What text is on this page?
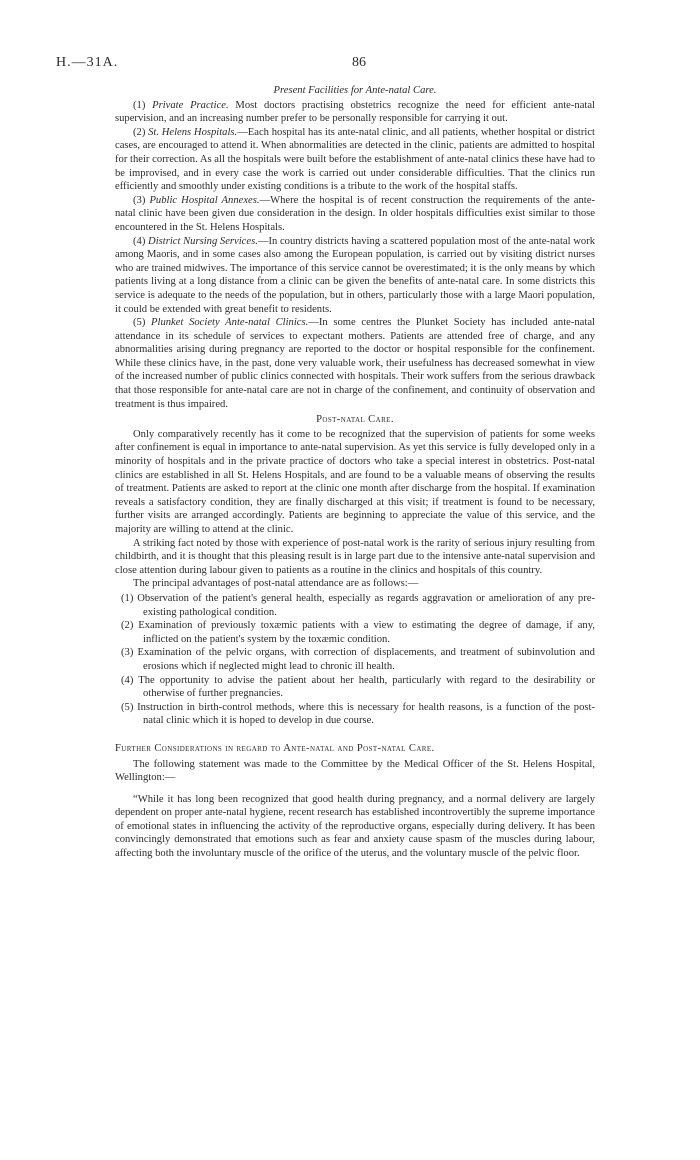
H.—31A.	86

Present Facilities for Ante-natal Care.

(1) Private Practice. Most doctors practising obstetrics recognize the need for efficient ante-natal supervision, and an increasing number prefer to be personally responsible for carrying it out.

(2) St. Helens Hospitals.—Each hospital has its ante-natal clinic, and all patients, whether hospital or district cases, are encouraged to attend it. When abnormalities are detected in the clinic, patients are admitted to hospital for their correction. As all the hospitals were built before the establishment of ante-natal clinics these have had to be improvised, and in every case the work is carried out under considerable difficulties. That the clinics run efficiently and smoothly under existing conditions is a tribute to the work of the hospital staffs.

(3) Public Hospital Annexes.—Where the hospital is of recent construction the requirements of the ante-natal clinic have been given due consideration in the design. In older hospitals difficulties exist similar to those encountered in the St. Helens Hospitals.

(4) District Nursing Services.—In country districts having a scattered population most of the ante-natal work among Maoris, and in some cases also among the European population, is carried out by visiting district nurses who are trained midwives. The importance of this service cannot be overestimated; it is the only means by which patients living at a long distance from a clinic can be given the benefits of ante-natal care. In some districts this service is adequate to the needs of the population, but in others, particularly those with a large Maori population, it could be extended with great benefit to residents.

(5) Plunket Society Ante-natal Clinics.—In some centres the Plunket Society has included ante-natal attendance in its schedule of services to expectant mothers. Patients are attended free of charge, and any abnormalities arising during pregnancy are reported to the doctor or hospital responsible for the confinement. While these clinics have, in the past, done very valuable work, their usefulness has decreased somewhat in view of the increased number of public clinics connected with hospitals. Their work suffers from the serious drawback that those responsible for ante-natal care are not in charge of the confinement, and continuity of observation and treatment is thus impaired.

Post-natal Care.

Only comparatively recently has it come to be recognized that the supervision of patients for some weeks after confinement is equal in importance to ante-natal supervision. As yet this service is fully developed only in a minority of hospitals and in the private practice of doctors who take a special interest in obstetrics. Post-natal clinics are established in all St. Helens Hospitals, and are found to be a valuable means of observing the results of treatment. Patients are asked to report at the clinic one month after discharge from the hospital. If examination reveals a satisfactory condition, they are finally discharged at this visit; if treatment is found to be necessary, further visits are arranged accordingly. Patients are beginning to appreciate the value of this service, and the majority are willing to attend at the clinic.

A striking fact noted by those with experience of post-natal work is the rarity of serious injury resulting from childbirth, and it is thought that this pleasing result is in large part due to the intensive ante-natal supervision and close attention during labour given to patients as a routine in the clinics and hospitals of this country.

The principal advantages of post-natal attendance are as follows:—

(1) Observation of the patient's general health, especially as regards aggravation or amelioration of any pre-existing pathological condition.

(2) Examination of previously toxæmic patients with a view to estimating the degree of damage, if any, inflicted on the patient's system by the toxæmic condition.

(3) Examination of the pelvic organs, with correction of displacements, and treatment of subinvolution and erosions which if neglected might lead to chronic ill health.

(4) The opportunity to advise the patient about her health, particularly with regard to the desirability or otherwise of further pregnancies.

(5) Instruction in birth-control methods, where this is necessary for health reasons, is a function of the post-natal clinic which it is hoped to develop in due course.

Further Considerations in regard to Ante-natal and Post-natal Care.

The following statement was made to the Committee by the Medical Officer of the St. Helens Hospital, Wellington:—

“While it has long been recognized that good health during pregnancy, and a normal delivery are largely dependent on proper ante-natal hygiene, recent research has established incontrovertibly the supreme importance of emotional states in influencing the activity of the reproductive organs, especially during delivery. It has been convincingly demonstrated that emotions such as fear and anxiety cause spasm of the muscles during labour, affecting both the involuntary muscle of the orifice of the uterus, and the voluntary muscle of the pelvic floor.
